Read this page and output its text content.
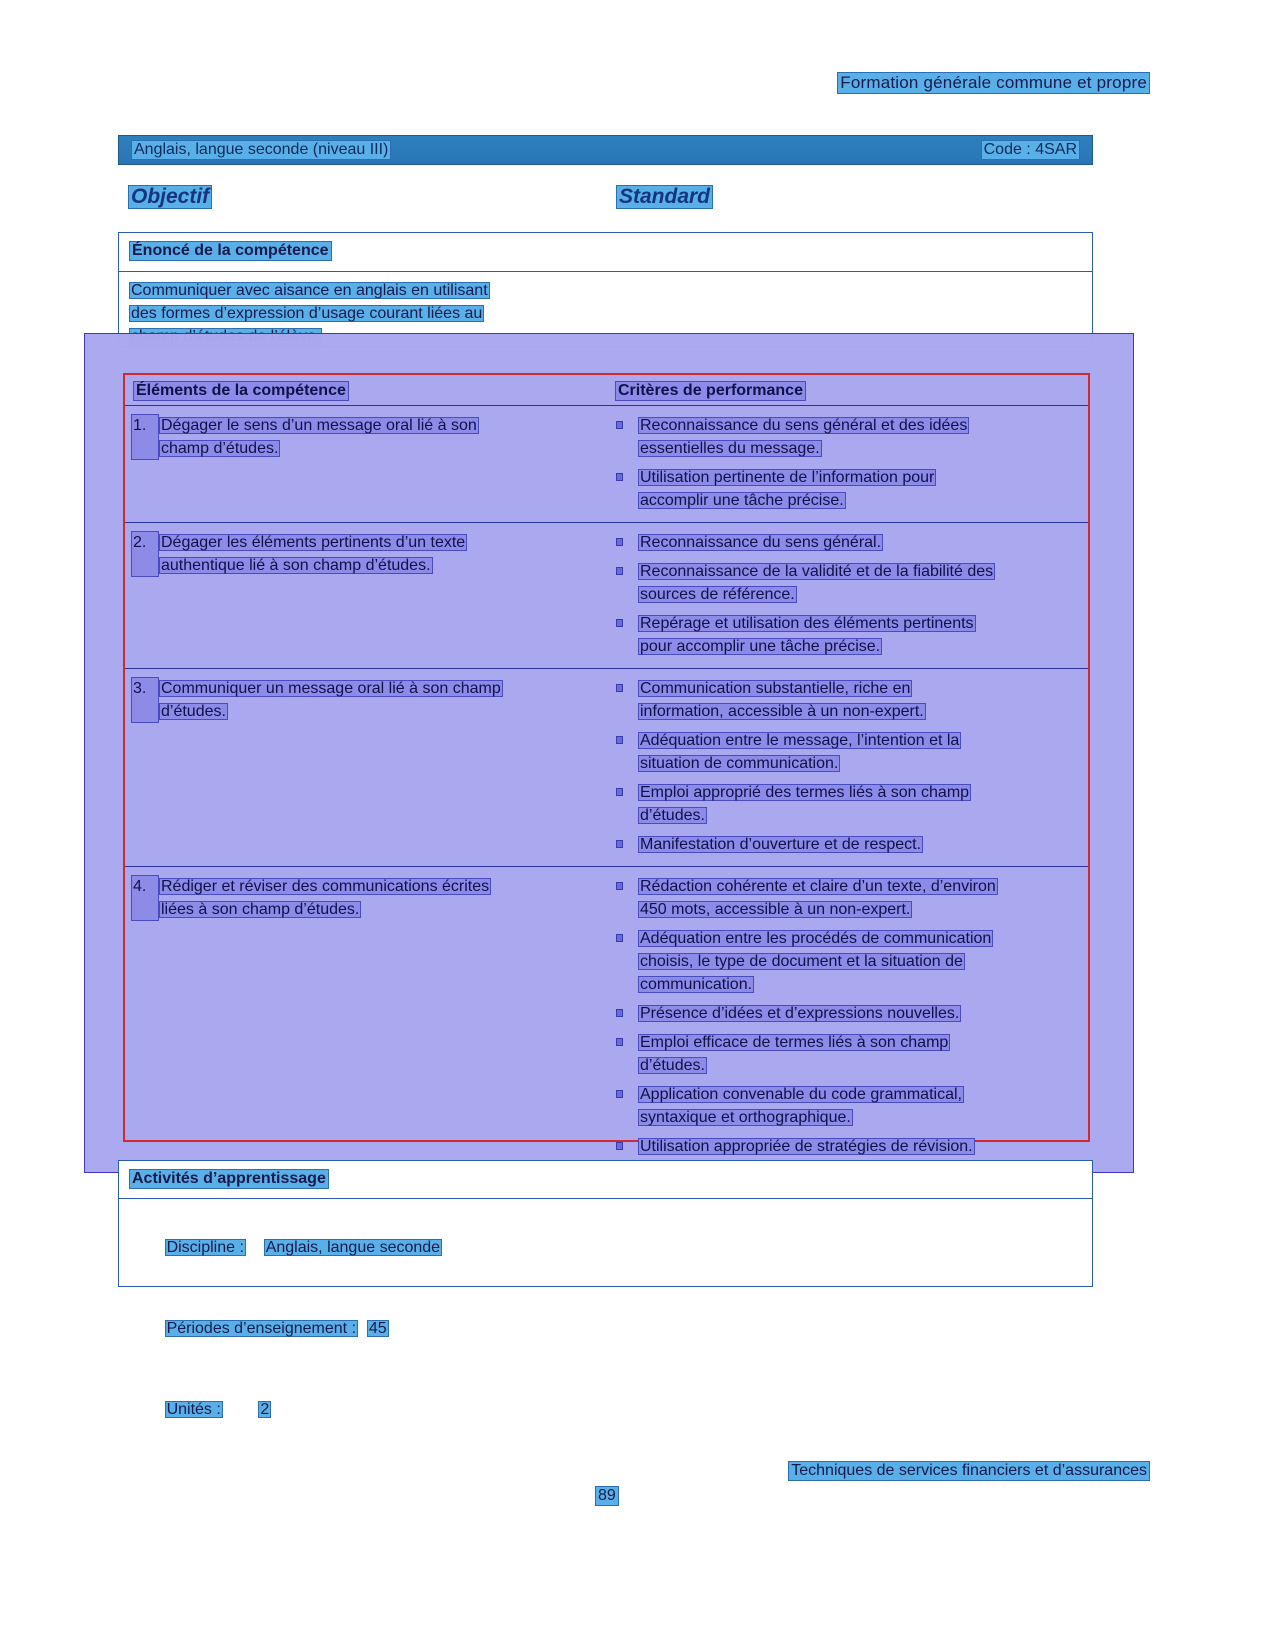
Formation générale commune et propre
Anglais, langue seconde (niveau III)	Code : 4SAR
Objectif	Standard
Énoncé de la compétence
Communiquer avec aisance en anglais en utilisant
des formes d’expression d’usage courant liées au

Éléments de la compétence	Critères de performance
1. Dégager le sens d’un message oral lié à son
champ d’études.
Reconnaissance du sens général et des idées
essentielles du message.
Utilisation pertinente de l’information pour
accomplir une tâche précise.
2. Dégager les éléments pertinents d’un texte
authentique lié à son champ d’études.
Reconnaissance du sens général.
Reconnaissance de la validité et de la fiabilité des
sources de référence.
Repérage et utilisation des éléments pertinents
pour accomplir une tâche précise.
3. Communiquer un message oral lié à son champ
d’études.
Communication substantielle, riche en
information, accessible à un non-expert.
Adéquation entre le message, l’intention et la
situation de communication.
Emploi approprié des termes liés à son champ
d’études.
Manifestation d’ouverture et de respect.
4. Rédiger et réviser des communications écrites
liées à son champ d’études.
Rédaction cohérente et claire d’un texte, d’environ
450 mots, accessible à un non-expert.
Adéquation entre les procédés de communication
choisis, le type de document et la situation de
communication.
Présence d’idées et d’expressions nouvelles.
Emploi efficace de termes liés à son champ
d’études.
Application convenable du code grammatical,
syntaxique et orthographique.
Utilisation appropriée de stratégies de révision.
Activités d’apprentissage

Discipline : Anglais, langue seconde

Périodes d’enseignement : 45

Unités : 2

Techniques de services financiers et d’assurances
89
